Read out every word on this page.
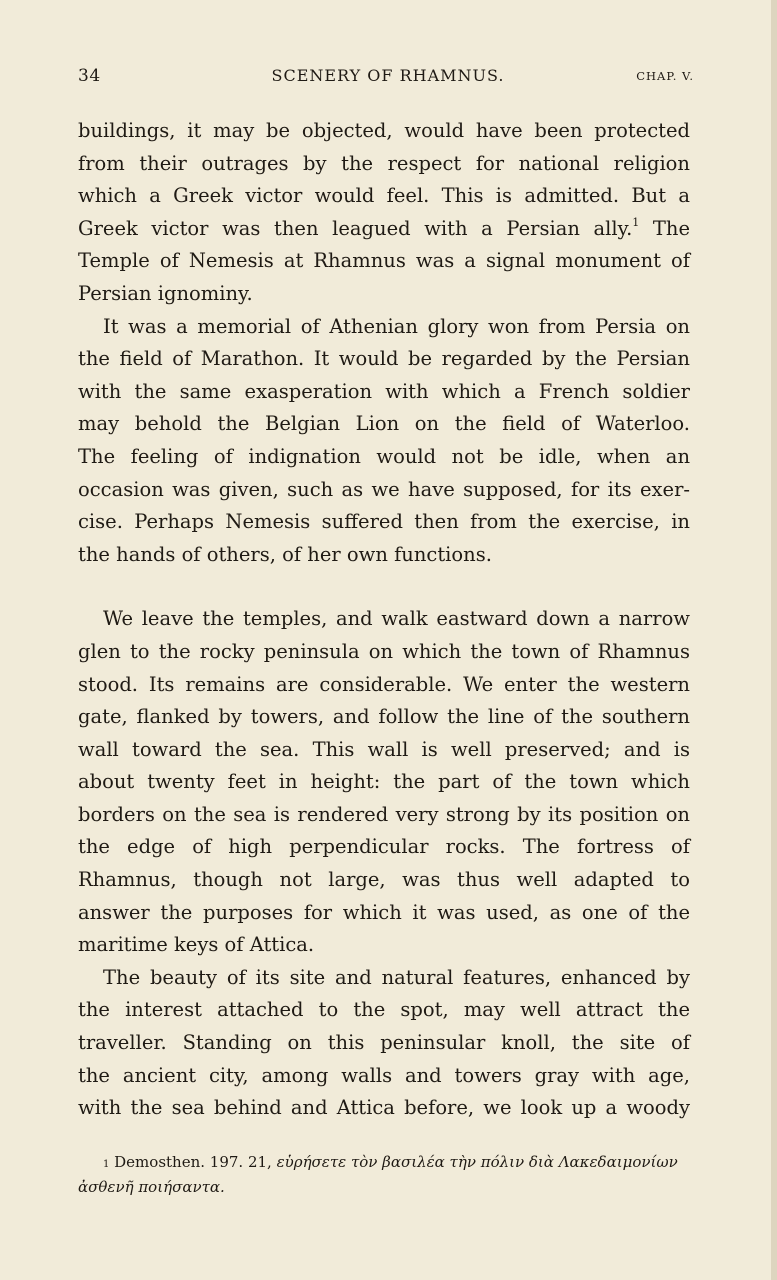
34	SCENERY OF RHAMNUS.	CHAP. V.
buildings, it may be objected, would have been protected
from their outrages by the respect for national religion
which a Greek victor would feel. This is admitted. But a
Greek victor was then leagued with a Persian ally.$^1$ The
Temple of Nemesis at Rhamnus was a signal monument of
Persian ignominy.
It was a memorial of Athenian glory won from Persia on
the field of Marathon. It would be regarded by the Persian
with the same exasperation with which a French soldier
may behold the Belgian Lion on the field of Waterloo.
The feeling of indignation would not be idle, when an
occasion was given, such as we have supposed, for its exer-
cise. Perhaps Nemesis suffered then from the exercise, in
the hands of others, of her own functions.
We leave the temples, and walk eastward down a narrow
glen to the rocky peninsula on which the town of Rhamnus
stood. Its remains are considerable. We enter the western
gate, flanked by towers, and follow the line of the southern
wall toward the sea. This wall is well preserved; and is
about twenty feet in height: the part of the town which
borders on the sea is rendered very strong by its position on
the edge of high perpendicular rocks. The fortress of
Rhamnus, though not large, was thus well adapted to
answer the purposes for which it was used, as one of the
maritime keys of Attica.
The beauty of its site and natural features, enhanced by
the interest attached to the spot, may well attract the
traveller. Standing on this peninsular knoll, the site of
the ancient city, among walls and towers gray with age,
with the sea behind and Attica before, we look up a woody
$^1$ Demosthen. 197. 21, εὑρήσετε τὸν βασιλέα τὴν πόλιν διὰ Λακεδαιμονίων
ἀσθενῆ ποιήσαντα.
